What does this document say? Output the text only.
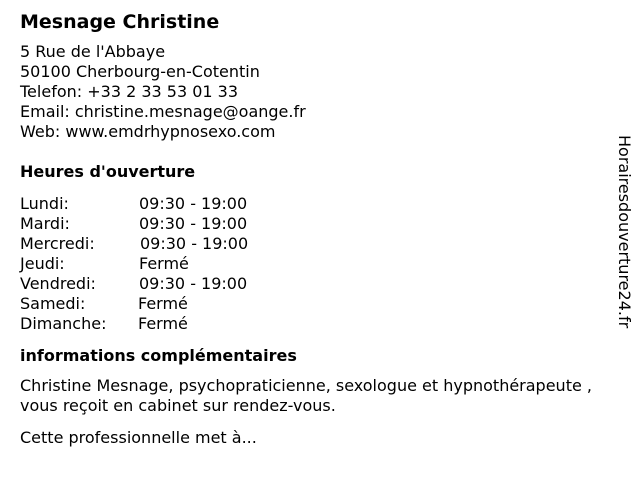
Mesnage Christine
5 Rue de l'Abbaye
50100 Cherbourg-en-Cotentin
Telefon: +33 2 33 53 01 33
Email: christine.mesnage@oange.fr
Web: www.emdrhypnosexo.com
Heures d'ouverture
Lundi:	09:30 - 19:00
Mardi:	09:30 - 19:00
Mercredi:	09:30 - 19:00
Jeudi:	Fermé
Vendredi:	09:30 - 19:00
Samedi:	Fermé
Dimanche:	Fermé
informations complémentaires
Christine Mesnage, psychopraticienne, sexologue et hypnothérapeute , vous reçoit en cabinet sur rendez-vous.
Cette professionnelle met à...
Horairesdouverture24.fr
